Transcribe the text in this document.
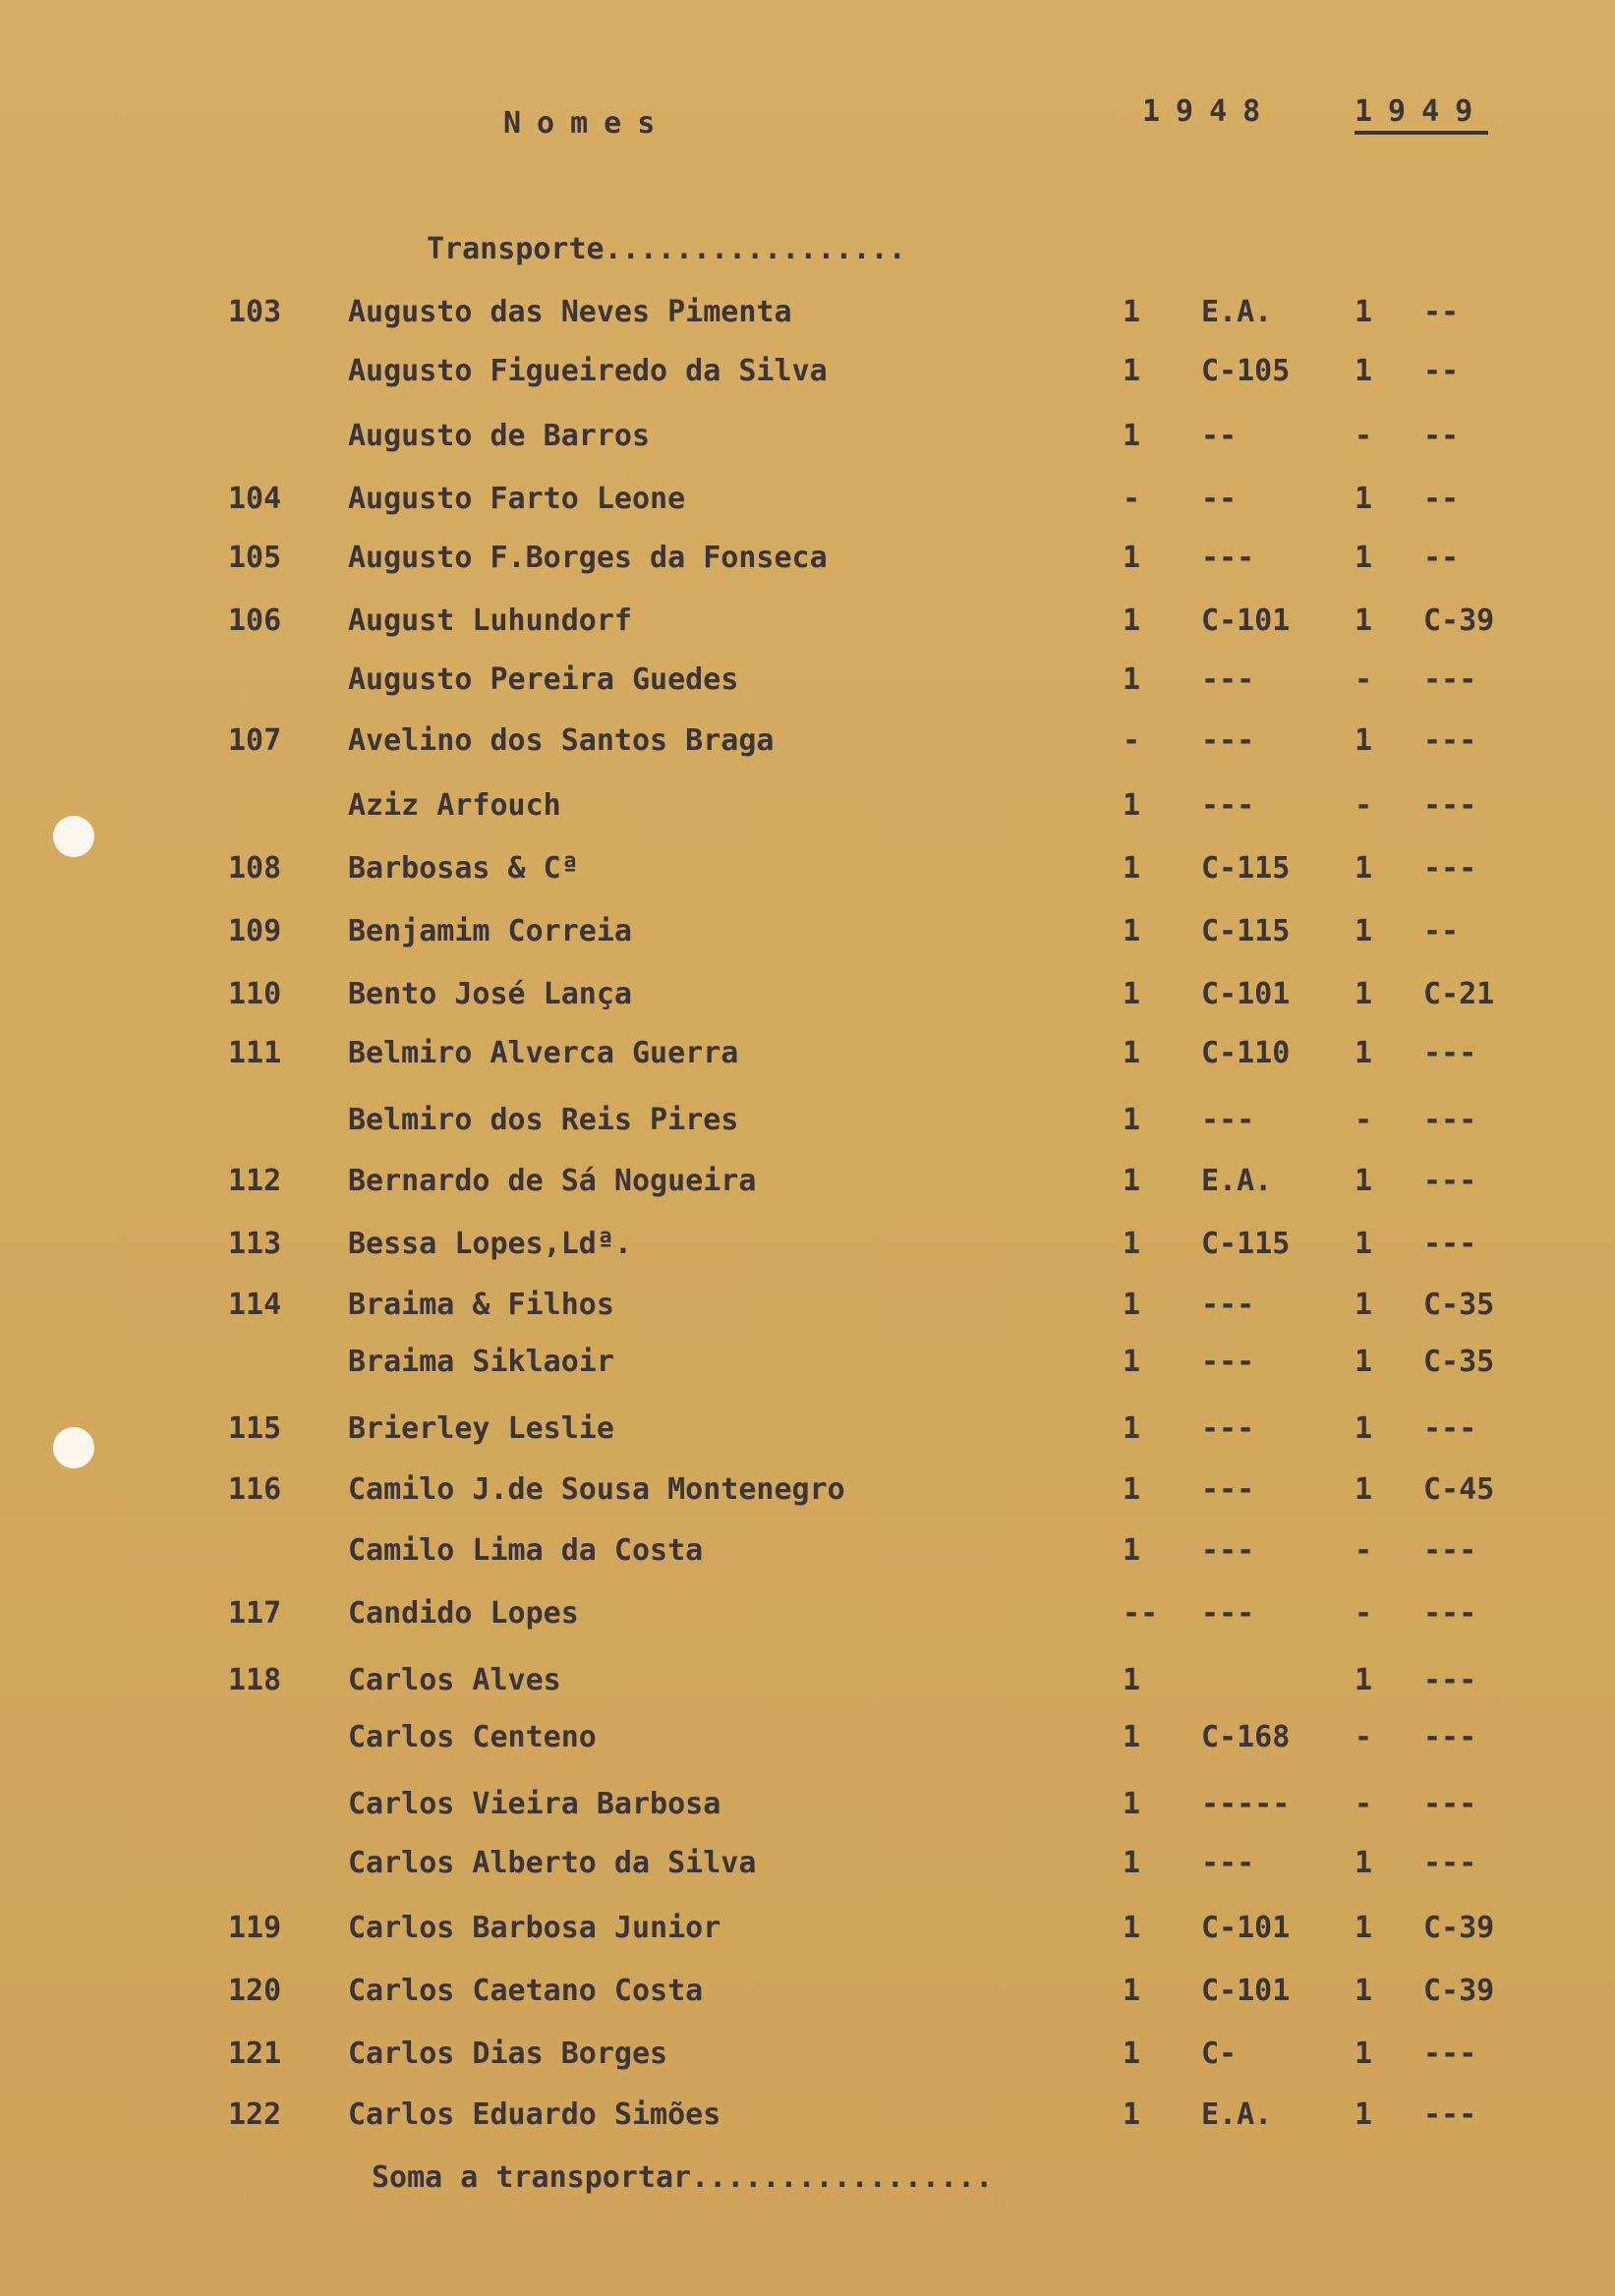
Nomes	1948	1949
Transporte.................
103 Augusto das Neves Pimenta	1 E.A.	1 --
Augusto Figueiredo da Silva	1 C-105 1 --
Augusto de Barros	1 --	- --
104 Augusto Farto Leone	- --	1 --
105 Augusto F.Borges da Fonseca	1 ---	1 --
106 August Luhundorf	1 C-101 1 C-39
Augusto Pereira Guedes	1 ---	- ---
107 Avelino dos Santos Braga	- ---	1 ---
Aziz Arfouch	1 ---	- ---
108 Barbosas & Cª	1 C-115 1 ---
109 Benjamim Correia	1 C-115 1 --
110 Bento José Lança	1 C-101 1 C-21
111 Belmiro Alverca Guerra	1 C-110 1 ---
Belmiro dos Reis Pires	1 ---	- ---
112 Bernardo de Sá Nogueira	1 E.A.	1 ---
113 Bessa Lopes,Ldª.	1 C-115 1 ---
114 Braima & Filhos	1 ---	1 C-35
Braima Siklaoir	1 ---	1 C-35
115 Brierley Leslie	1 ---	1 ---
116 Camilo J.de Sousa Montenegro	1 ---	1 C-45
Camilo Lima da Costa	1 ---	- ---
117 Candido Lopes	-- ---	- ---
118 Carlos Alves	1	1 ---
Carlos Centeno	1 C-168 - ---
Carlos Vieira Barbosa	1 ----- - ---
Carlos Alberto da Silva	1 ---	1 ---
119 Carlos Barbosa Junior	1 C-101 1 C-39
120 Carlos Caetano Costa	1 C-101 1 C-39
121 Carlos Dias Borges	1 C-	1 ---
122 Carlos Eduardo Simões	1 E.A.	1 ---
Soma a transportar.................
